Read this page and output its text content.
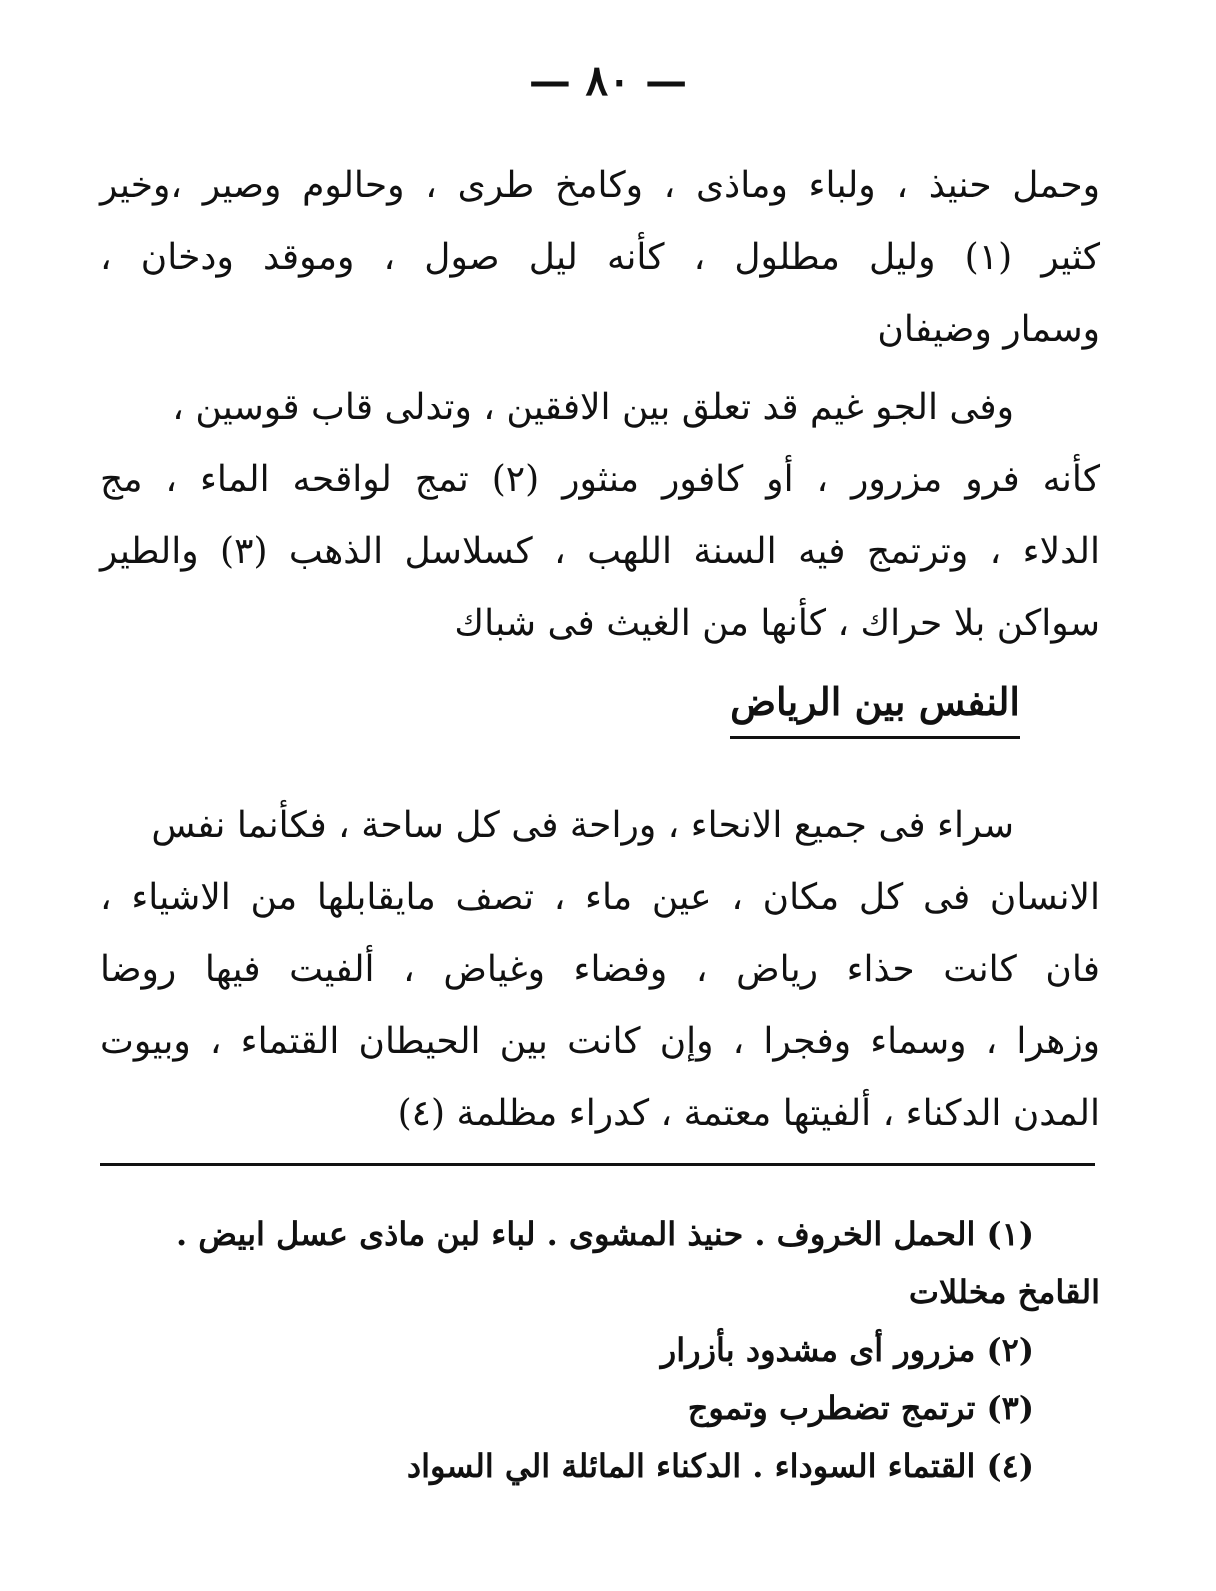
— ٨٠ —
وحمل حنيذ ، ولباء وماذى ، وكامخ طرى ، وحالوم وصير ،وخير
كثير (١) وليل مطلول ، كأنه ليل صول ، وموقد ودخان ،
وسمار وضيفان
وفى الجو غيم قد تعلق بين الافقين ، وتدلى قاب قوسين ،
كأنه فرو مزرور ، أو كافور منثور (٢) تمج لواقحه الماء ، مج
الدلاء ، وترتمج فيه السنة اللهب ، كسلاسل الذهب (٣) والطير
سواكن بلا حراك ، كأنها من الغيث فى شباك
النفس بين الرياض
سراء فى جميع الانحاء ، وراحة فى كل ساحة ، فكأنما نفس
الانسان فى كل مكان ، عين ماء ، تصف مايقابلها من الاشياء ،
فان كانت حذاء رياض ، وفضاء وغياض ، ألفيت فيها روضا
وزهرا ، وسماء وفجرا ، وإن كانت بين الحيطان القتماء ، وبيوت
المدن الدكناء ، ألفيتها معتمة ، كدراء مظلمة (٤)
(١) الحمل الخروف . حنيذ المشوى . لباء لبن ماذى عسل ابيض .
القامخ مخللات
(٢) مزرور أى مشدود بأزرار
(٣) ترتمج تضطرب وتموج
(٤) القتماء السوداء . الدكناء المائلة الي السواد
